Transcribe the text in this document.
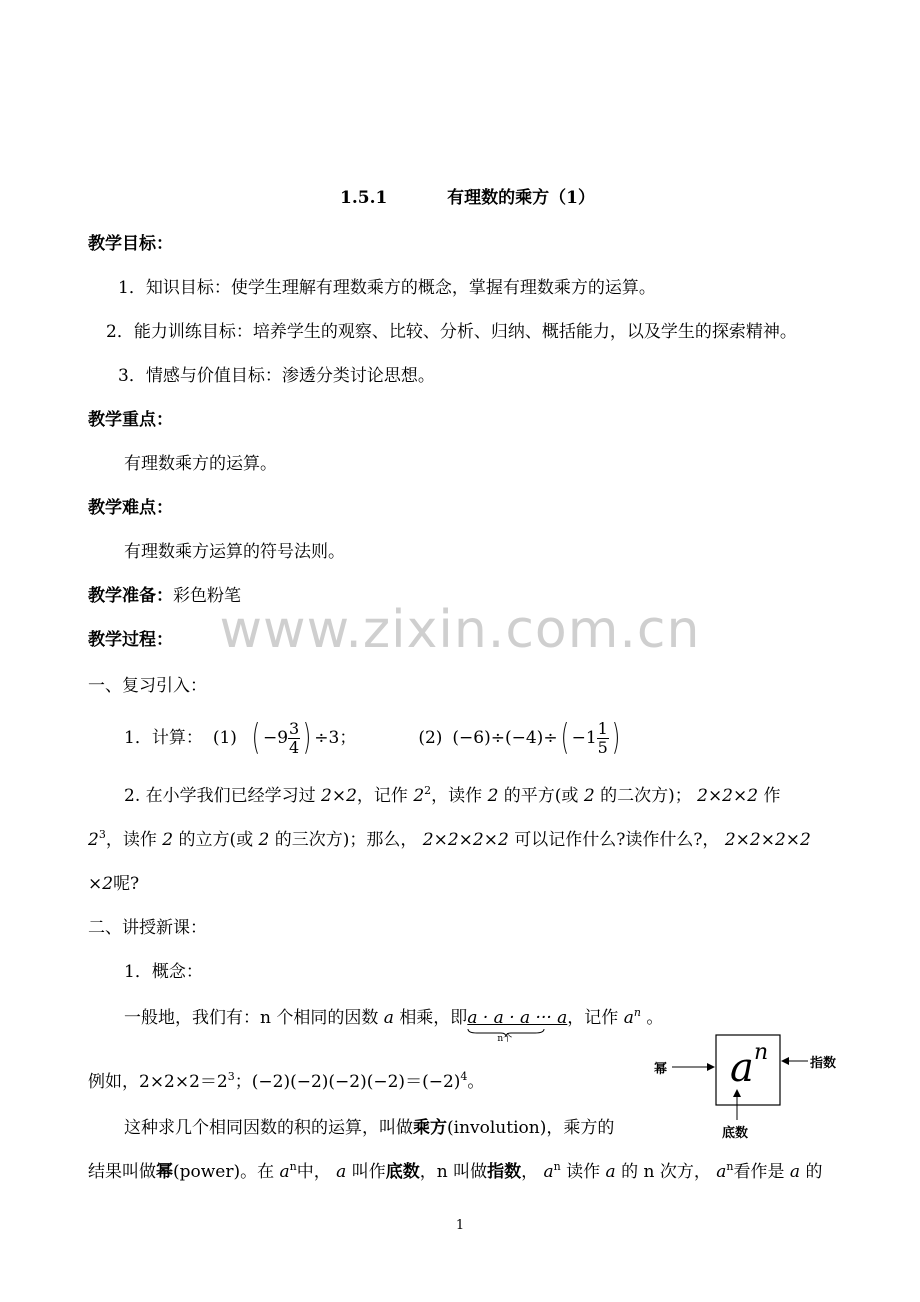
www.zixin.com.cn
1.5.1	有理数的乘方（1）
教学目标：
1．知识目标：使学生理解有理数乘方的概念，掌握有理数乘方的运算。
2．能力训练目标：培养学生的观察、比较、分析、归纳、概括能力，以及学生的探索精神。
3．情感与价值目标：渗透分类讨论思想。
教学重点：
有理数乘方的运算。
教学难点：
有理数乘方运算的符号法则。
教学准备：彩色粉笔
教学过程：
一、复习引入：
1．计算： (1) ( $-9 \frac{3}{4}$ ) ÷3；	(2) (−6)÷(−4)÷ ( $-1 \frac{1}{5}$ )
2. 在小学我们已经学习过 2×2，记作 $2^2$，读作 2 的平方(或 2 的二次方)； 2×2×2 作
$2^3$，读作 2 的立方(或 2 的三次方)；那么， 2×2×2×2 可以记作什么?读作什么?， 2×2×2×2
×2呢?
二、讲授新课：
1．概念：
一般地，我们有：n 个相同的因数 a 相乘，即a · a · a ··· a
n个
，记作 $a^n$ 。
例如，$2\times 2\times 2=2^3$；$(-2)(-2)(-2)(-2)=(-2)^4$。
这种求几个相同因数的积的运算，叫做乘方(involution)，乘方的
结果叫做幂(power)。在 $a^n$中， a 叫作底数，n 叫做指数， $a^n$ 读作 a 的 n 次方， $a^n$看作是 a 的
幂	指数
底数
a n
1
